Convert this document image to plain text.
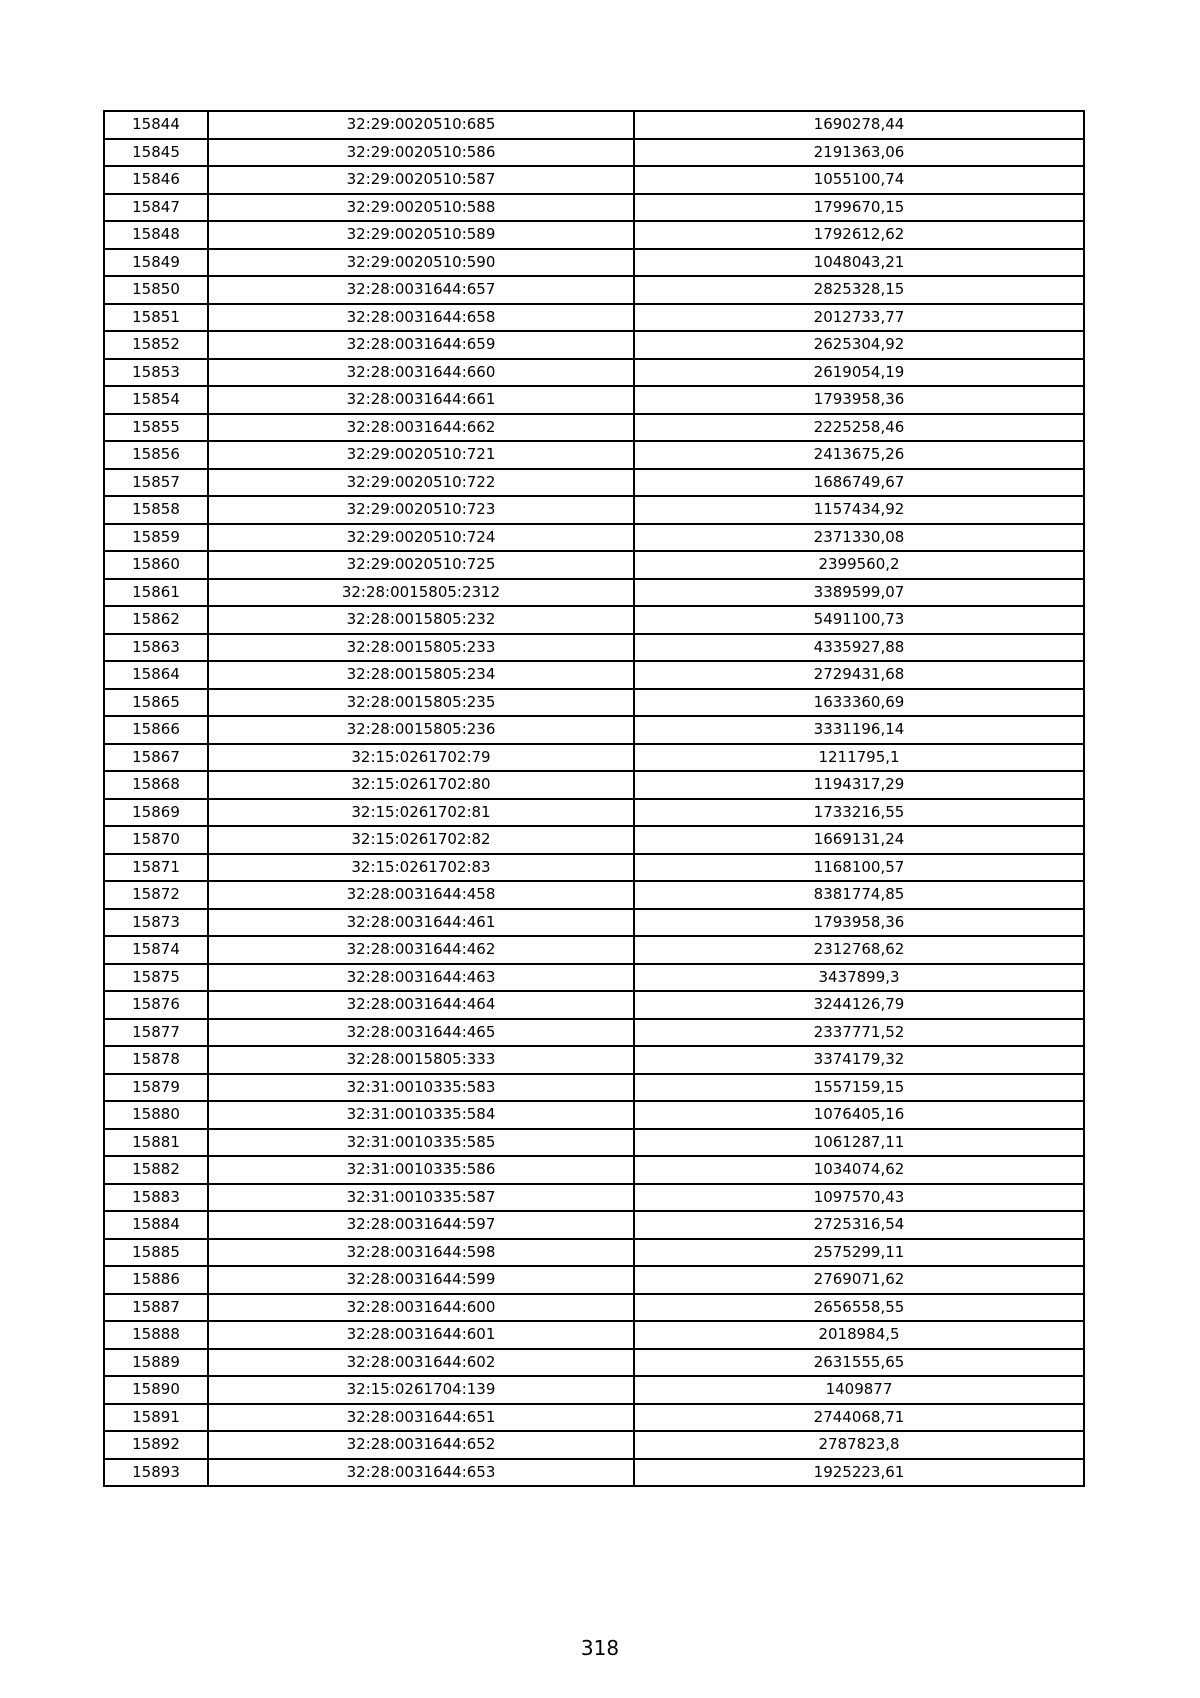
15844	32:29:0020510:685	1690278,44
15845	32:29:0020510:586	2191363,06
15846	32:29:0020510:587	1055100,74
15847	32:29:0020510:588	1799670,15
15848	32:29:0020510:589	1792612,62
15849	32:29:0020510:590	1048043,21
15850	32:28:0031644:657	2825328,15
15851	32:28:0031644:658	2012733,77
15852	32:28:0031644:659	2625304,92
15853	32:28:0031644:660	2619054,19
15854	32:28:0031644:661	1793958,36
15855	32:28:0031644:662	2225258,46
15856	32:29:0020510:721	2413675,26
15857	32:29:0020510:722	1686749,67
15858	32:29:0020510:723	1157434,92
15859	32:29:0020510:724	2371330,08
15860	32:29:0020510:725	2399560,2
15861	32:28:0015805:2312	3389599,07
15862	32:28:0015805:232	5491100,73
15863	32:28:0015805:233	4335927,88
15864	32:28:0015805:234	2729431,68
15865	32:28:0015805:235	1633360,69
15866	32:28:0015805:236	3331196,14
15867	32:15:0261702:79	1211795,1
15868	32:15:0261702:80	1194317,29
15869	32:15:0261702:81	1733216,55
15870	32:15:0261702:82	1669131,24
15871	32:15:0261702:83	1168100,57
15872	32:28:0031644:458	8381774,85
15873	32:28:0031644:461	1793958,36
15874	32:28:0031644:462	2312768,62
15875	32:28:0031644:463	3437899,3
15876	32:28:0031644:464	3244126,79
15877	32:28:0031644:465	2337771,52
15878	32:28:0015805:333	3374179,32
15879	32:31:0010335:583	1557159,15
15880	32:31:0010335:584	1076405,16
15881	32:31:0010335:585	1061287,11
15882	32:31:0010335:586	1034074,62
15883	32:31:0010335:587	1097570,43
15884	32:28:0031644:597	2725316,54
15885	32:28:0031644:598	2575299,11
15886	32:28:0031644:599	2769071,62
15887	32:28:0031644:600	2656558,55
15888	32:28:0031644:601	2018984,5
15889	32:28:0031644:602	2631555,65
15890	32:15:0261704:139	1409877
15891	32:28:0031644:651	2744068,71
15892	32:28:0031644:652	2787823,8
15893	32:28:0031644:653	1925223,61
318
